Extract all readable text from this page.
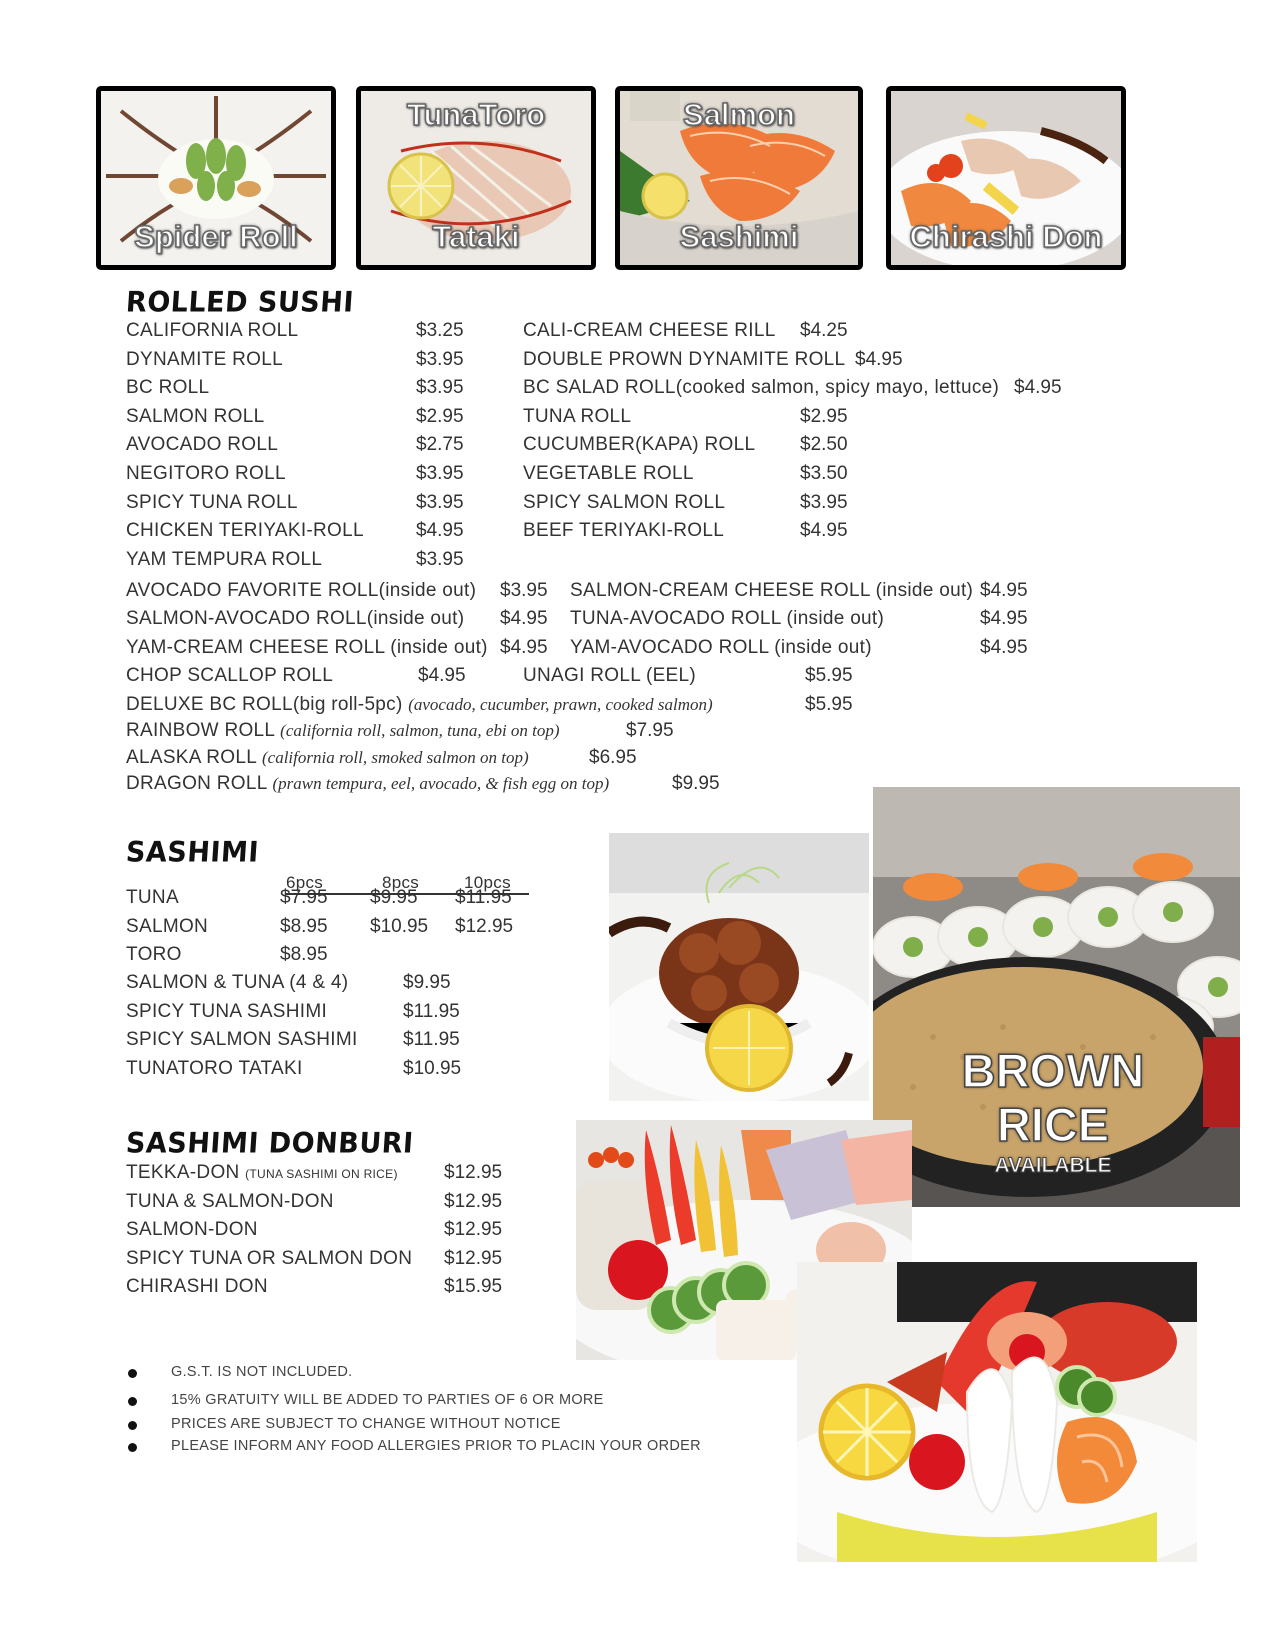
Spider Roll
TunaToro
Tataki
Salmon
Sashimi	Chirashi Don
ROLLED SUSHI
SASHIMI
6pcs	8pcs	10pcs
SASHIMI DONBURI
BROWN
RICE
AVAILABLE
CALIFORNIA ROLL	$3.25
DYNAMITE ROLL	$3.95
BC ROLL	$3.95
SALMON ROLL	$2.95
AVOCADO ROLL	$2.75
NEGITORO ROLL	$3.95
SPICY TUNA ROLL	$3.95
CHICKEN TERIYAKI-ROLL	$4.95
YAM TEMPURA ROLL	$3.95
CALI-CREAM CHEESE RILL $4.25
DOUBLE PROWN DYNAMITE ROLL $4.95
BC SALAD ROLL(cooked salmon, spicy mayo, lettuce) $4.95
TUNA ROLL	$2.95
CUCUMBER(KAPA) ROLL $2.50
VEGETABLE ROLL	$3.50
SPICY SALMON ROLL	$3.95
BEEF TERIYAKI-ROLL	$4.95
AVOCADO FAVORITE ROLL(inside out) $3.95
SALMON-AVOCADO ROLL(inside out) $4.95
YAM-CREAM CHEESE ROLL (inside out) $4.95
CHOP SCALLOP ROLL	$4.95
SALMON-CREAM CHEESE ROLL (inside out) $4.95
TUNA-AVOCADO ROLL (inside out)	$4.95
YAM-AVOCADO ROLL (inside out)	$4.95
UNAGI ROLL (EEL)	$5.95
DELUXE BC ROLL(big roll-5pc) (avocado, cucumber, prawn, cooked salmon)	$5.95
RAINBOW ROLL (california roll, salmon, tuna, ebi on top)	$7.95
ALASKA ROLL (california roll, smoked salmon on top)	$6.95
DRAGON ROLL (prawn tempura, eel, avocado, & fish egg on top)	$9.95
TUNA	$7.95 $9.95 $11.95
SALMON	$8.95 $10.95 $12.95
TORO	$8.95
SALMON & TUNA (4 & 4)	$9.95
SPICY TUNA SASHIMI	$11.95
SPICY SALMON SASHIMI $11.95
TUNATORO TATAKI	$10.95
TEKKA-DON (TUNA SASHIMI ON RICE) $12.95
TUNA & SALMON-DON	$12.95
SALMON-DON	$12.95
SPICY TUNA OR SALMON DON $12.95
CHIRASHI DON	$15.95
G.S.T. IS NOT INCLUDED.
15% GRATUITY WILL BE ADDED TO PARTIES OF 6 OR MORE
PRICES ARE SUBJECT TO CHANGE WITHOUT NOTICE
PLEASE INFORM ANY FOOD ALLERGIES PRIOR TO PLACIN YOUR ORDER
